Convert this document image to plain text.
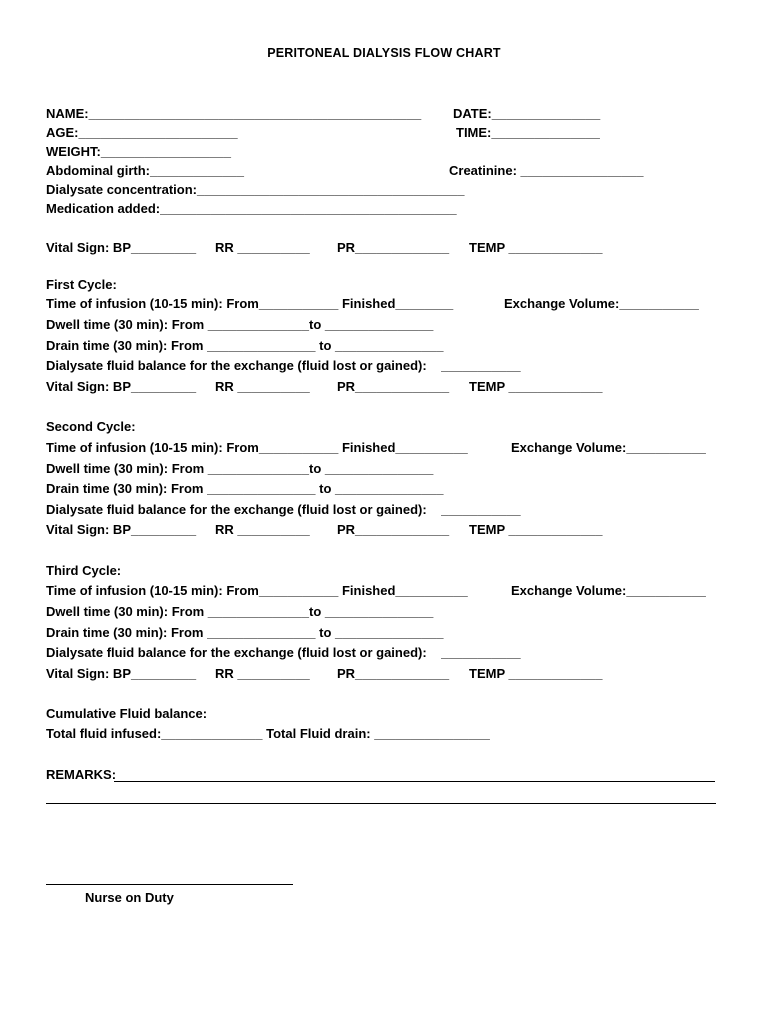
PERITONEAL DIALYSIS FLOW CHART
NAME:______________________________________________ DATE:_______________
AGE:______________________	TIME:_______________
WEIGHT:__________________
Abdominal girth:_____________	Creatinine: _________________
Dialysate concentration:_____________________________________
Medication added:_________________________________________
Vital Sign: BP_________ RR __________ PR_____________ TEMP _____________
First Cycle:
Time of infusion (10-15 min): From___________ Finished________	Exchange Volume:___________
Dwell time (30 min): From ______________to _______________
Drain time (30 min): From _______________ to _______________
Dialysate fluid balance for the exchange (fluid lost or gained):    ___________
Vital Sign: BP_________ RR __________ PR_____________ TEMP _____________
Second Cycle:
Time of infusion (10-15 min): From___________ Finished__________	Exchange Volume:___________
Dwell time (30 min): From ______________to _______________
Drain time (30 min): From _______________ to _______________
Dialysate fluid balance for the exchange (fluid lost or gained):    ___________
Vital Sign: BP_________ RR __________ PR_____________ TEMP _____________
Third Cycle:
Time of infusion (10-15 min): From___________ Finished__________	Exchange Volume:___________
Dwell time (30 min): From ______________to _______________
Drain time (30 min): From _______________ to _______________
Dialysate fluid balance for the exchange (fluid lost or gained):    ___________
Vital Sign: BP_________ RR __________ PR_____________ TEMP _____________
Cumulative Fluid balance:
Total fluid infused:______________ Total Fluid drain: ________________
REMARKS:
Nurse on Duty
